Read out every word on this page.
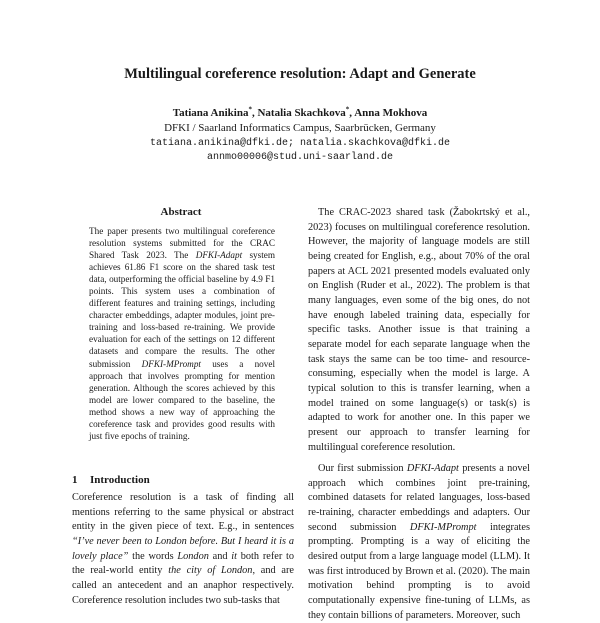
Multilingual coreference resolution: Adapt and Generate
Tatiana Anikina*, Natalia Skachkova*, Anna Mokhova
DFKI / Saarland Informatics Campus, Saarbrücken, Germany
tatiana.anikina@dfki.de; natalia.skachkova@dfki.de
annmo00006@stud.uni-saarland.de
Abstract

The paper presents two multilingual coreference resolution systems submitted for the CRAC Shared Task 2023. The DFKI-Adapt system achieves 61.86 F1 score on the shared task test data, outperforming the official baseline by 4.9 F1 points. This system uses a combination of different features and training settings, including character embeddings, adapter modules, joint pre-training and loss-based re-training. We provide evaluation for each of the settings on 12 different datasets and compare the results. The other submission DFKI-MPrompt uses a novel approach that involves prompting for mention generation. Although the scores achieved by this model are lower compared to the baseline, the method shows a new way of approaching the coreference task and provides good results with just five epochs of training.

1 Introduction

Coreference resolution is a task of finding all mentions referring to the same physical or abstract entity in the given piece of text. E.g., in sentences “I’ve never been to London before. But I heard it is a lovely place” the words London and it both refer to the real-world entity the city of London, and are called an antecedent and an anaphor respectively. Coreference resolution includes two sub-tasks that

The CRAC-2023 shared task (Žabokrtský et al., 2023) focuses on multilingual coreference resolution. However, the majority of language models are still being created for English, e.g., about 70% of the oral papers at ACL 2021 presented models evaluated only on English (Ruder et al., 2022). The problem is that many languages, even some of the big ones, do not have enough labeled training data, especially for specific tasks. Another issue is that training a separate model for each separate language when the task stays the same can be too time- and resource-consuming, especially when the model is large. A typical solution to this is transfer learning, when a model trained on some language(s) or task(s) is adapted to work for another one. In this paper we present our approach to transfer learning for multilingual coreference resolution.

Our first submission DFKI-Adapt presents a novel approach which combines joint pre-training, combined datasets for related languages, loss-based re-training, character embeddings and adapters. Our second submission DFKI-MPrompt integrates prompting. Prompting is a way of eliciting the desired output from a large language model (LLM). It was first introduced by Brown et al. (2020). The main motivation behind prompting is to avoid computationally expensive fine-tuning of LLMs, as they contain billions of parameters. Moreover, such
